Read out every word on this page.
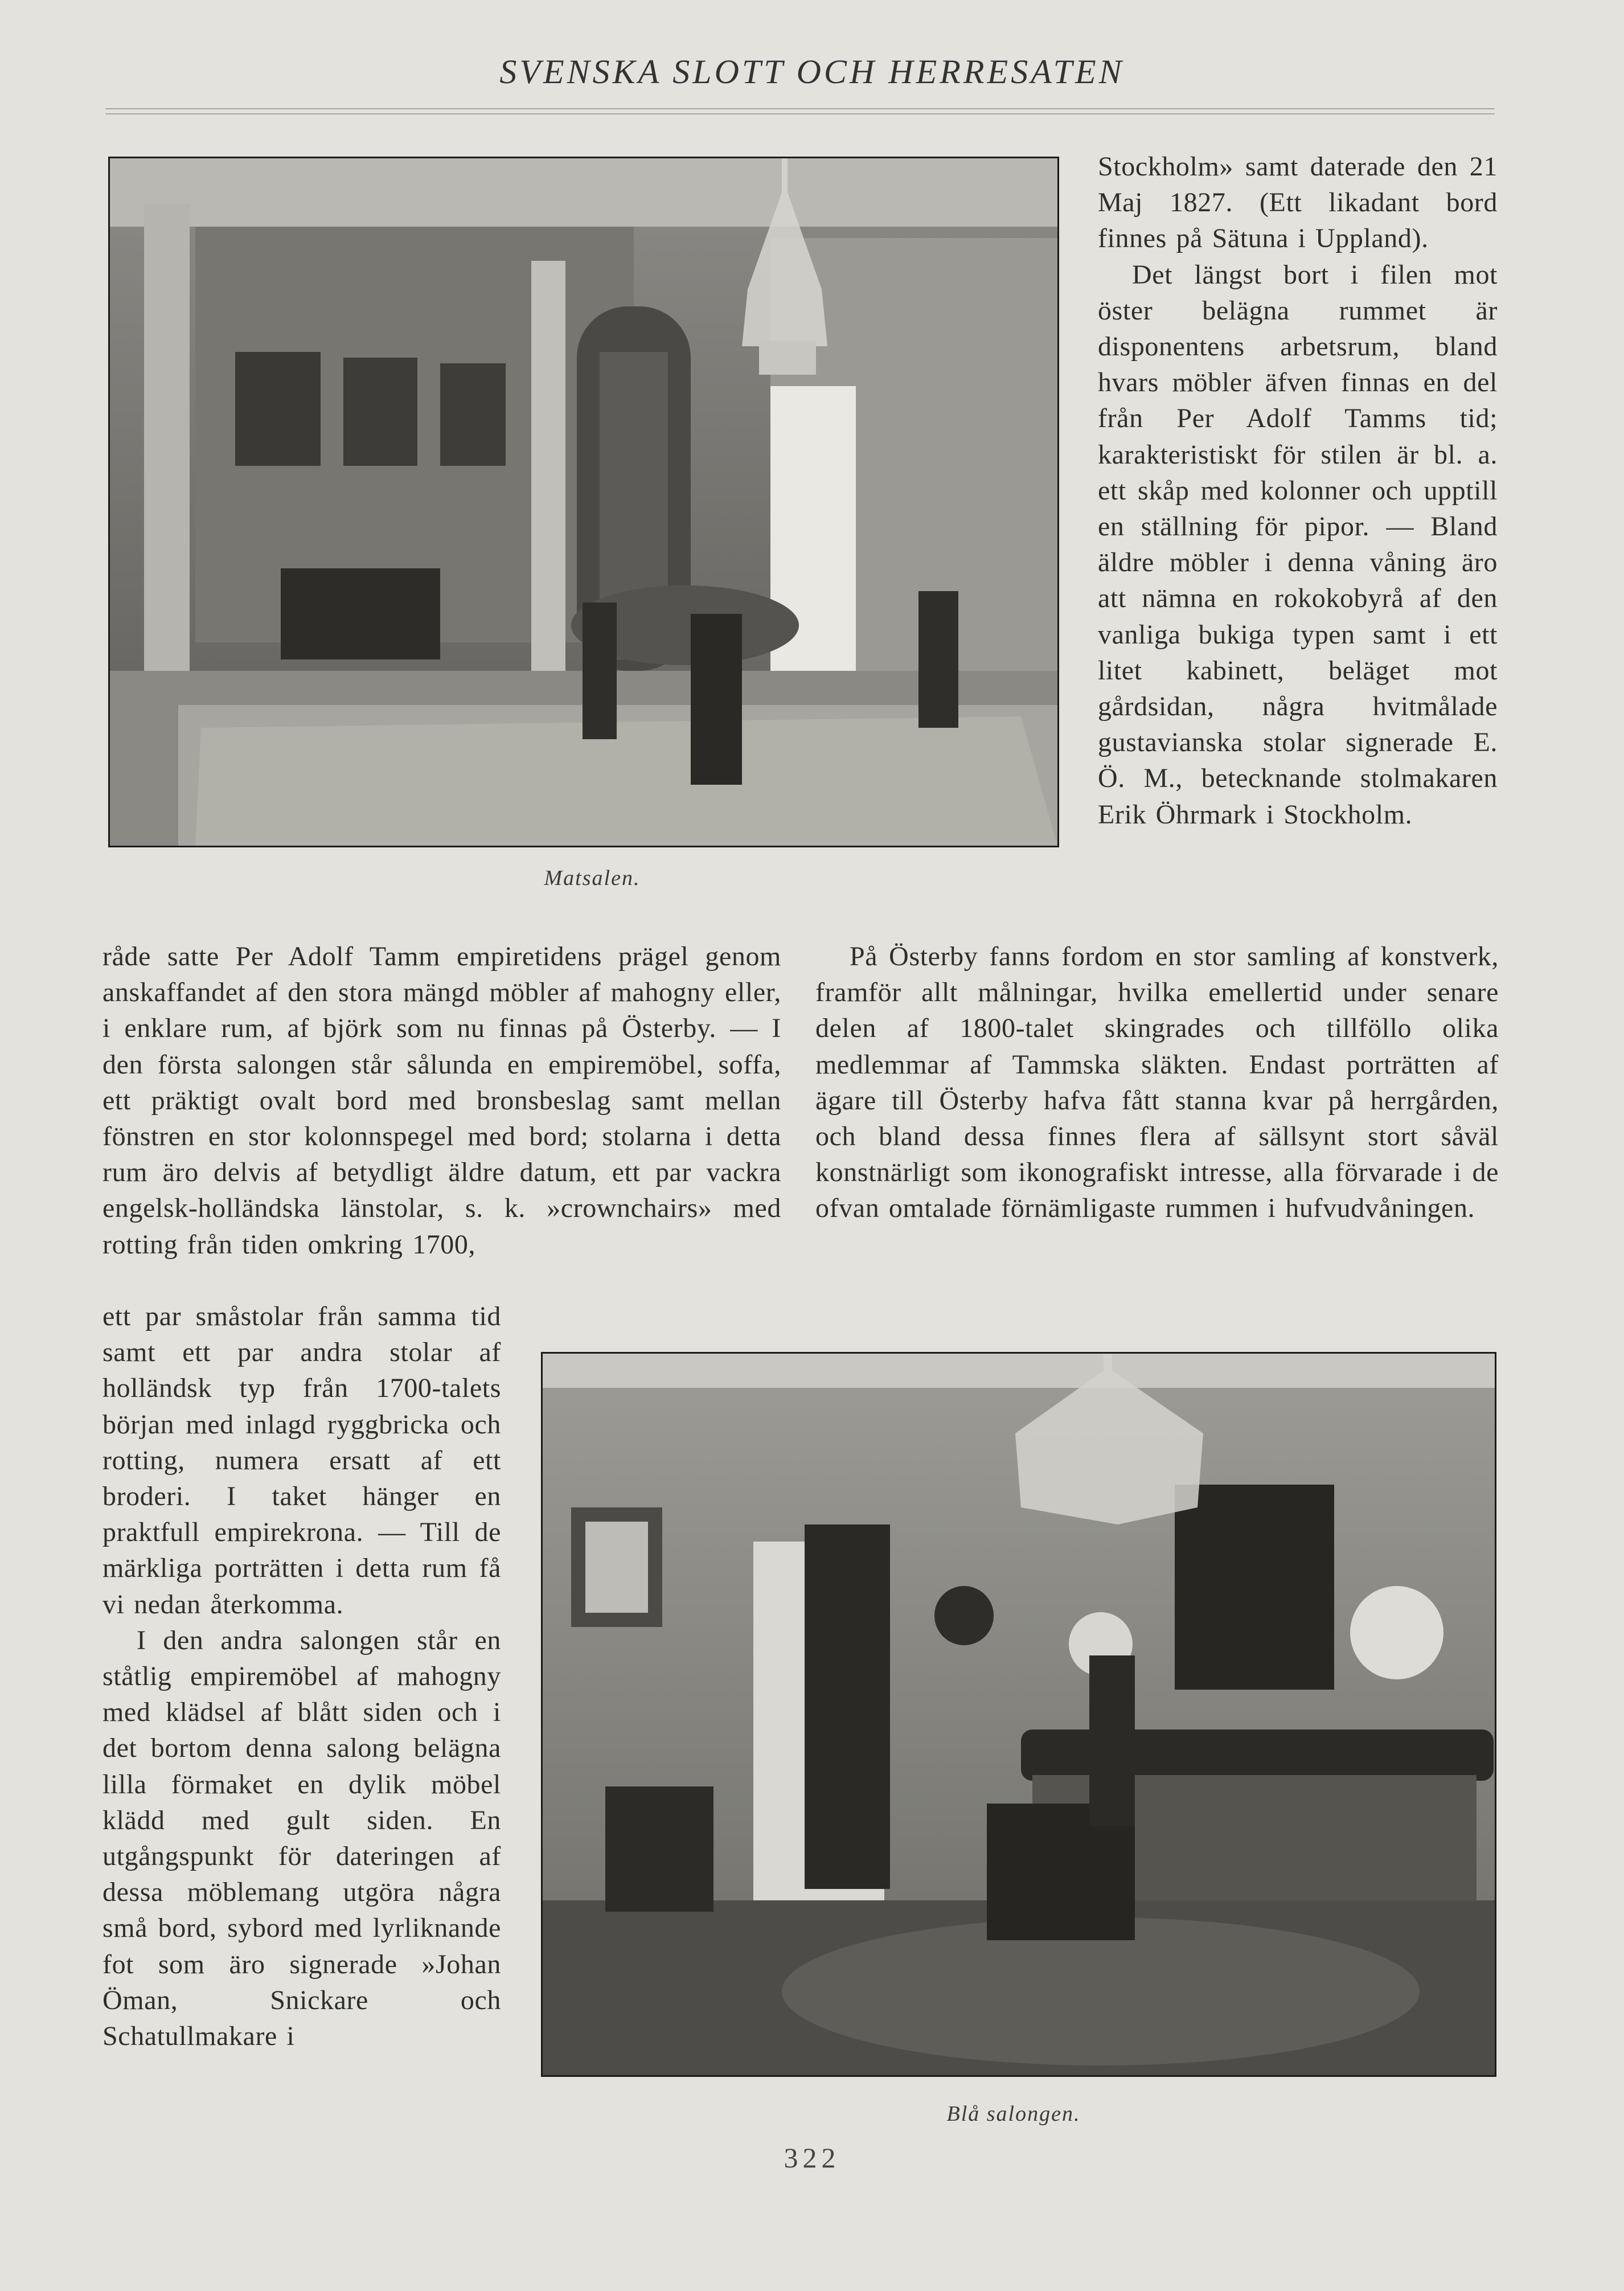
SVENSKA SLOTT OCH HERRESATEN
Matsalen.

Stockholm» samt daterade den 21 Maj 1827. (Ett likadant bord finnes på Sätuna i Uppland).

Det längst bort i filen mot öster belägna rummet är disponentens arbetsrum, bland hvars möbler äfven finnas en del från Per Adolf Tamms tid; karakteristiskt för stilen är bl. a. ett skåp med kolonner och upptill en ställning för pipor. — Bland äldre möbler i denna våning äro att nämna en rokokobyrå af den vanliga bukiga typen samt i ett litet kabinett, beläget mot gårdsidan, några hvitmålade gustavianska stolar signerade E. Ö. M., betecknande stolmakaren Erik Öhrmark i Stockholm.

råde satte Per Adolf Tamm empiretidens prägel genom anskaffandet af den stora mängd möbler af mahogny eller, i enklare rum, af björk som nu finnas på Österby. — I den första salongen står sålunda en empiremöbel, soffa, ett präktigt ovalt bord med bronsbeslag samt mellan fönstren en stor kolonnspegel med bord; stolarna i detta rum äro delvis af betydligt äldre datum, ett par vackra engelsk-holländska länstolar, s. k. »crownchairs» med rotting från tiden omkring 1700,

På Österby fanns fordom en stor samling af konstverk, framför allt målningar, hvilka emellertid under senare delen af 1800-talet skingrades och tillföllo olika medlemmar af Tammska släkten. Endast porträtten af ägare till Österby hafva fått stanna kvar på herrgården, och bland dessa finnes flera af sällsynt stort såväl konstnärligt som ikonografiskt intresse, alla förvarade i de ofvan omtalade förnämligaste rummen i hufvudvåningen.

ett par småstolar från samma tid samt ett par andra stolar af holländsk typ från 1700-talets början med inlagd ryggbricka och rotting, numera ersatt af ett broderi. I taket hänger en praktfull empirekrona. — Till de märkliga porträtten i detta rum få vi nedan återkomma.

I den andra salongen står en ståtlig empiremöbel af mahogny med klädsel af blått siden och i det bortom denna salong belägna lilla förmaket en dylik möbel klädd med gult siden. En utgångspunkt för dateringen af dessa möblemang utgöra några små bord, sybord med lyrliknande fot som äro signerade »Johan Öman, Snickare och Schatullmakare i

Blå salongen.
322
